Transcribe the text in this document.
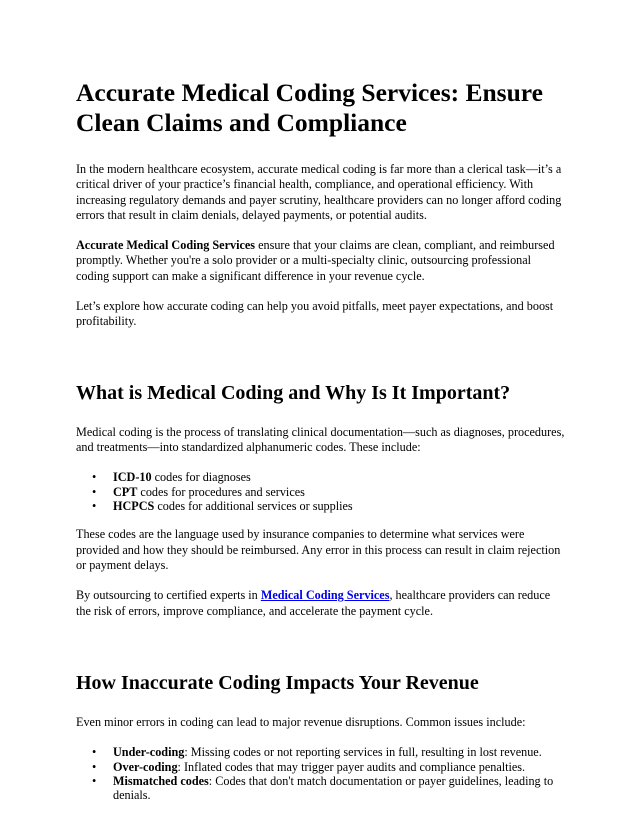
Accurate Medical Coding Services: Ensure Clean Claims and Compliance

In the modern healthcare ecosystem, accurate medical coding is far more than a clerical task—it’s a critical driver of your practice’s financial health, compliance, and operational efficiency. With increasing regulatory demands and payer scrutiny, healthcare providers can no longer afford coding errors that result in claim denials, delayed payments, or potential audits.

Accurate Medical Coding Services ensure that your claims are clean, compliant, and reimbursed promptly. Whether you're a solo provider or a multi-specialty clinic, outsourcing professional coding support can make a significant difference in your revenue cycle.

Let’s explore how accurate coding can help you avoid pitfalls, meet payer expectations, and boost profitability.

What is Medical Coding and Why Is It Important?

Medical coding is the process of translating clinical documentation—such as diagnoses, procedures, and treatments—into standardized alphanumeric codes. These include:

• ICD-10 codes for diagnoses
• CPT codes for procedures and services
• HCPCS codes for additional services or supplies

These codes are the language used by insurance companies to determine what services were provided and how they should be reimbursed. Any error in this process can result in claim rejection or payment delays.

By outsourcing to certified experts in Medical Coding Services, healthcare providers can reduce the risk of errors, improve compliance, and accelerate the payment cycle.

How Inaccurate Coding Impacts Your Revenue

Even minor errors in coding can lead to major revenue disruptions. Common issues include:

• Under-coding: Missing codes or not reporting services in full, resulting in lost revenue.
• Over-coding: Inflated codes that may trigger payer audits and compliance penalties.
• Mismatched codes: Codes that don't match documentation or payer guidelines, leading to denials.
